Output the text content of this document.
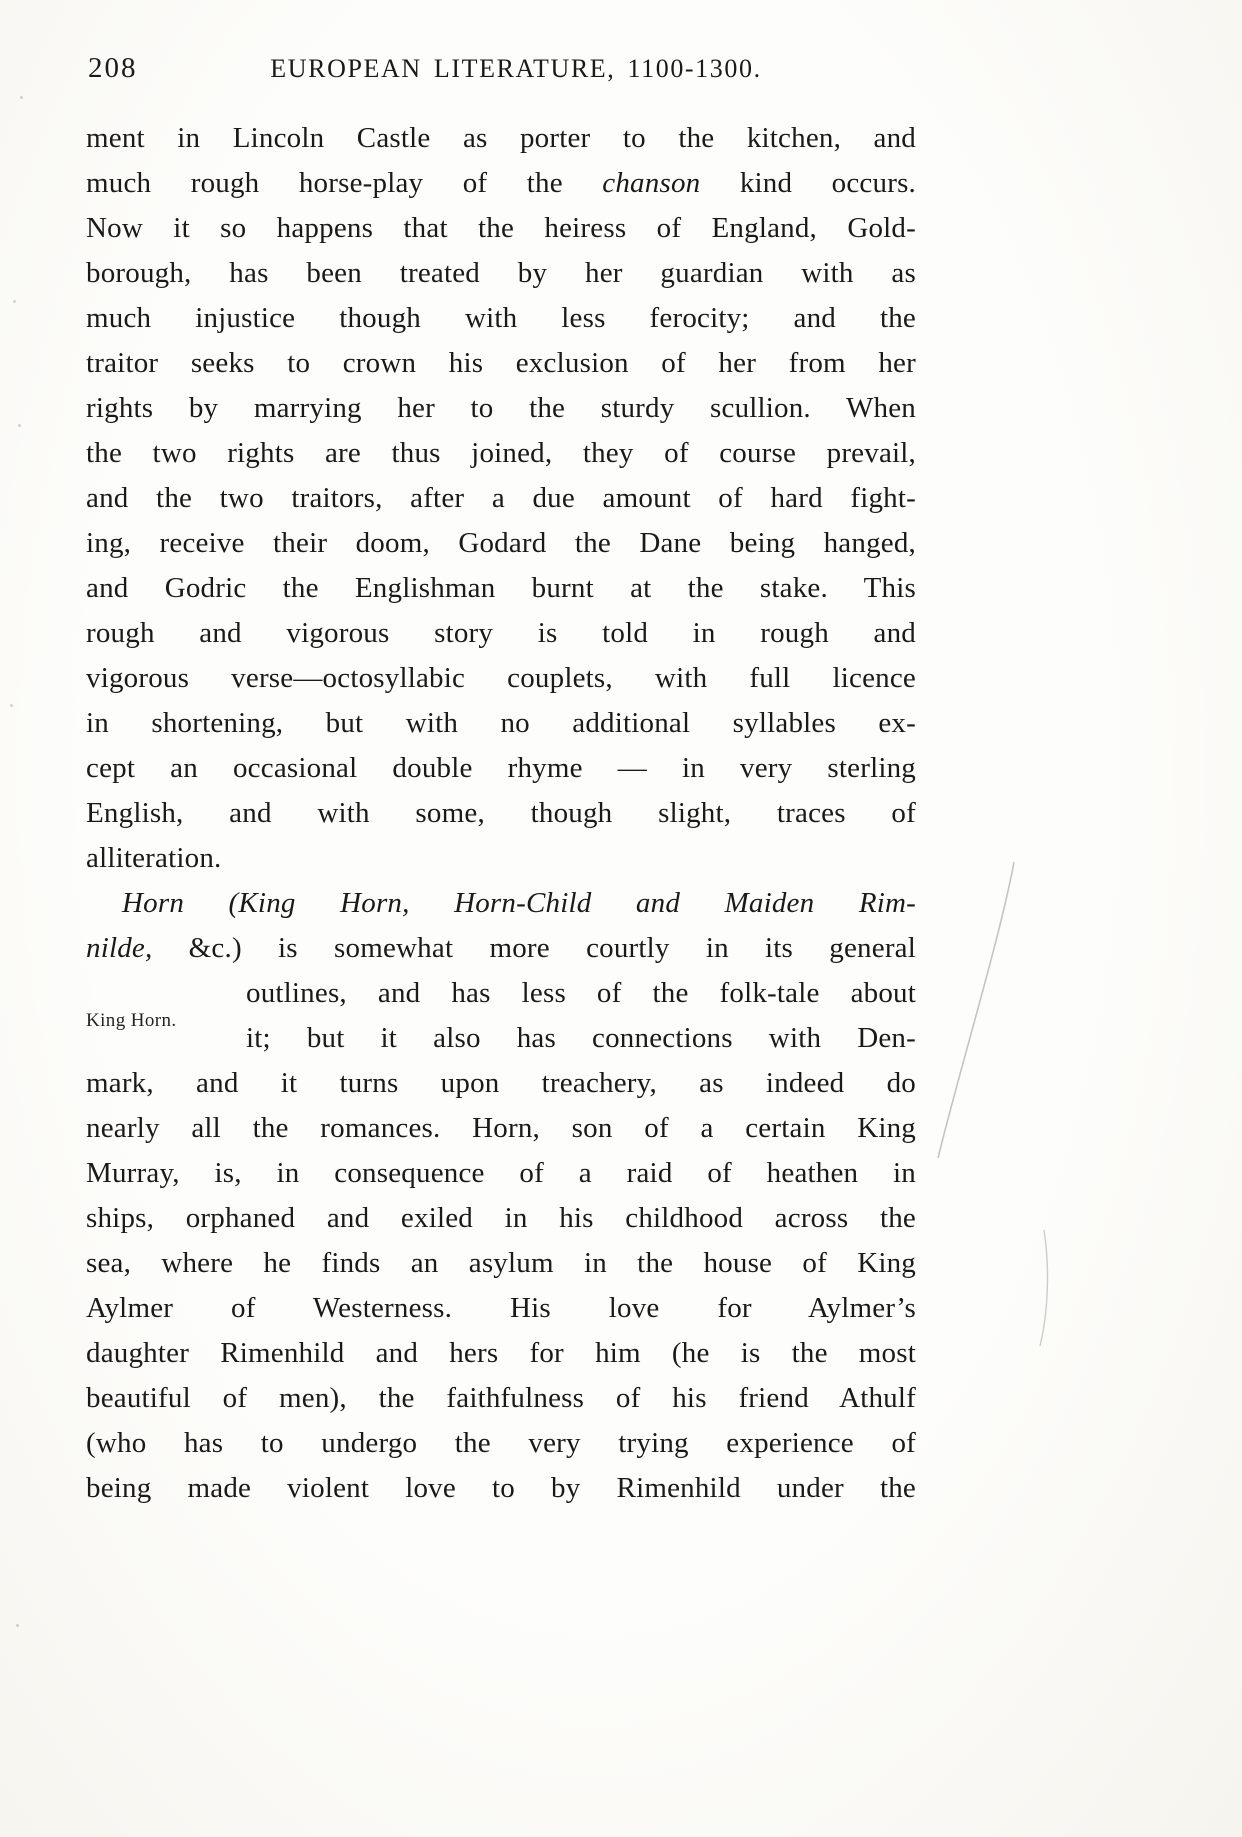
208	EUROPEAN LITERATURE, 1100-1300.
ment in Lincoln Castle as porter to the kitchen, and
much rough horse-play of the chanson kind occurs.
Now it so happens that the heiress of England, Gold-
borough, has been treated by her guardian with as
much injustice though with less ferocity; and the
traitor seeks to crown his exclusion of her from her
rights by marrying her to the sturdy scullion. When
the two rights are thus joined, they of course prevail,
and the two traitors, after a due amount of hard fight-
ing, receive their doom, Godard the Dane being hanged,
and Godric the Englishman burnt at the stake. This
rough and vigorous story is told in rough and
vigorous verse—octosyllabic couplets, with full licence
in shortening, but with no additional syllables ex-
cept an occasional double rhyme — in very sterling
English, and with some, though slight, traces of
alliteration.
Horn (King Horn, Horn-Child and Maiden Rim-
nilde, &c.) is somewhat more courtly in its general
King Horn.
outlines, and has less of the folk-tale about
it; but it also has connections with Den-
mark, and it turns upon treachery, as indeed do
nearly all the romances. Horn, son of a certain King
Murray, is, in consequence of a raid of heathen in
ships, orphaned and exiled in his childhood across the
sea, where he finds an asylum in the house of King
Aylmer of Westerness. His love for Aylmer’s
daughter Rimenhild and hers for him (he is the most
beautiful of men), the faithfulness of his friend Athulf
(who has to undergo the very trying experience of
being made violent love to by Rimenhild under the
